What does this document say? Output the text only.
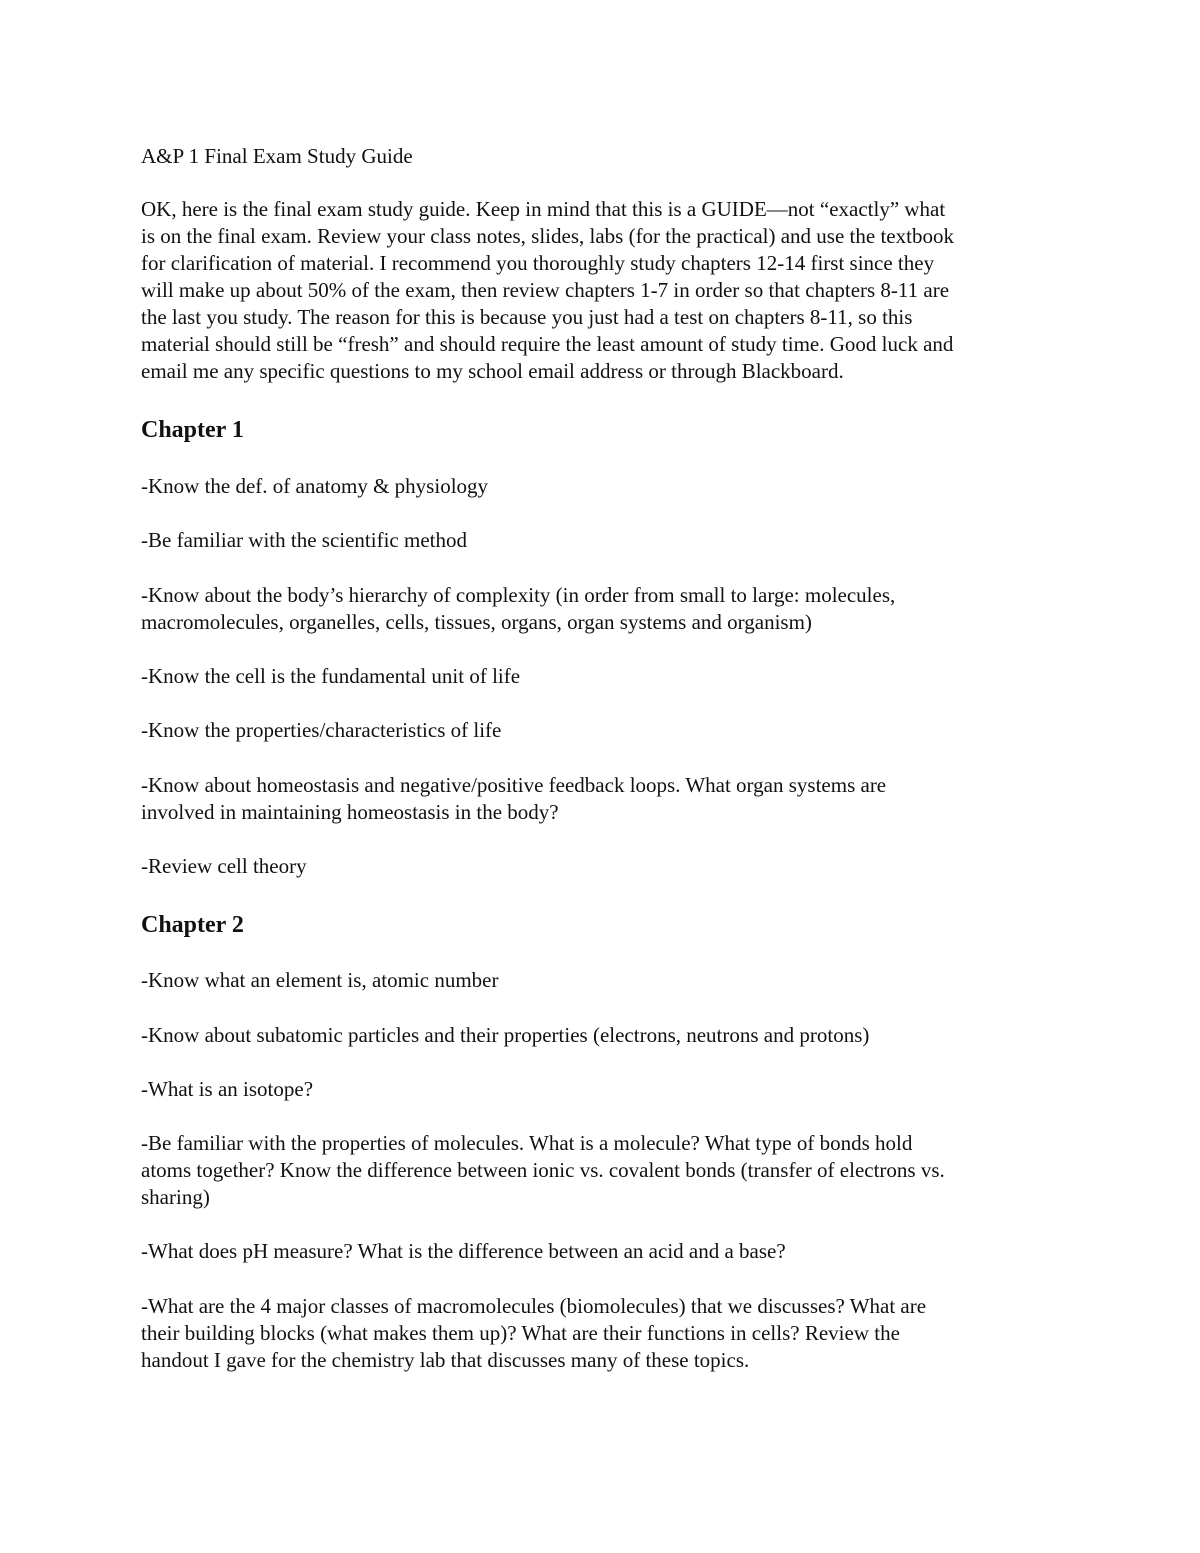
A&P 1 Final Exam Study Guide
OK, here is the final exam study guide. Keep in mind that this is a GUIDE—not “exactly” what
is on the final exam. Review your class notes, slides, labs (for the practical) and use the textbook
for clarification of material. I recommend you thoroughly study chapters 12-14 first since they
will make up about 50% of the exam, then review chapters 1-7 in order so that chapters 8-11 are
the last you study. The reason for this is because you just had a test on chapters 8-11, so this
material should still be “fresh” and should require the least amount of study time. Good luck and
email me any specific questions to my school email address or through Blackboard.
Chapter 1
-Know the def. of anatomy & physiology
-Be familiar with the scientific method
-Know about the body’s hierarchy of complexity (in order from small to large: molecules,
macromolecules, organelles, cells, tissues, organs, organ systems and organism)
-Know the cell is the fundamental unit of life
-Know the properties/characteristics of life
-Know about homeostasis and negative/positive feedback loops. What organ systems are
involved in maintaining homeostasis in the body?
-Review cell theory
Chapter 2
-Know what an element is, atomic number
-Know about subatomic particles and their properties (electrons, neutrons and protons)
-What is an isotope?
-Be familiar with the properties of molecules. What is a molecule? What type of bonds hold
atoms together? Know the difference between ionic vs. covalent bonds (transfer of electrons vs.
sharing)
-What does pH measure? What is the difference between an acid and a base?
-What are the 4 major classes of macromolecules (biomolecules) that we discusses? What are
their building blocks (what makes them up)? What are their functions in cells? Review the
handout I gave for the chemistry lab that discusses many of these topics.
